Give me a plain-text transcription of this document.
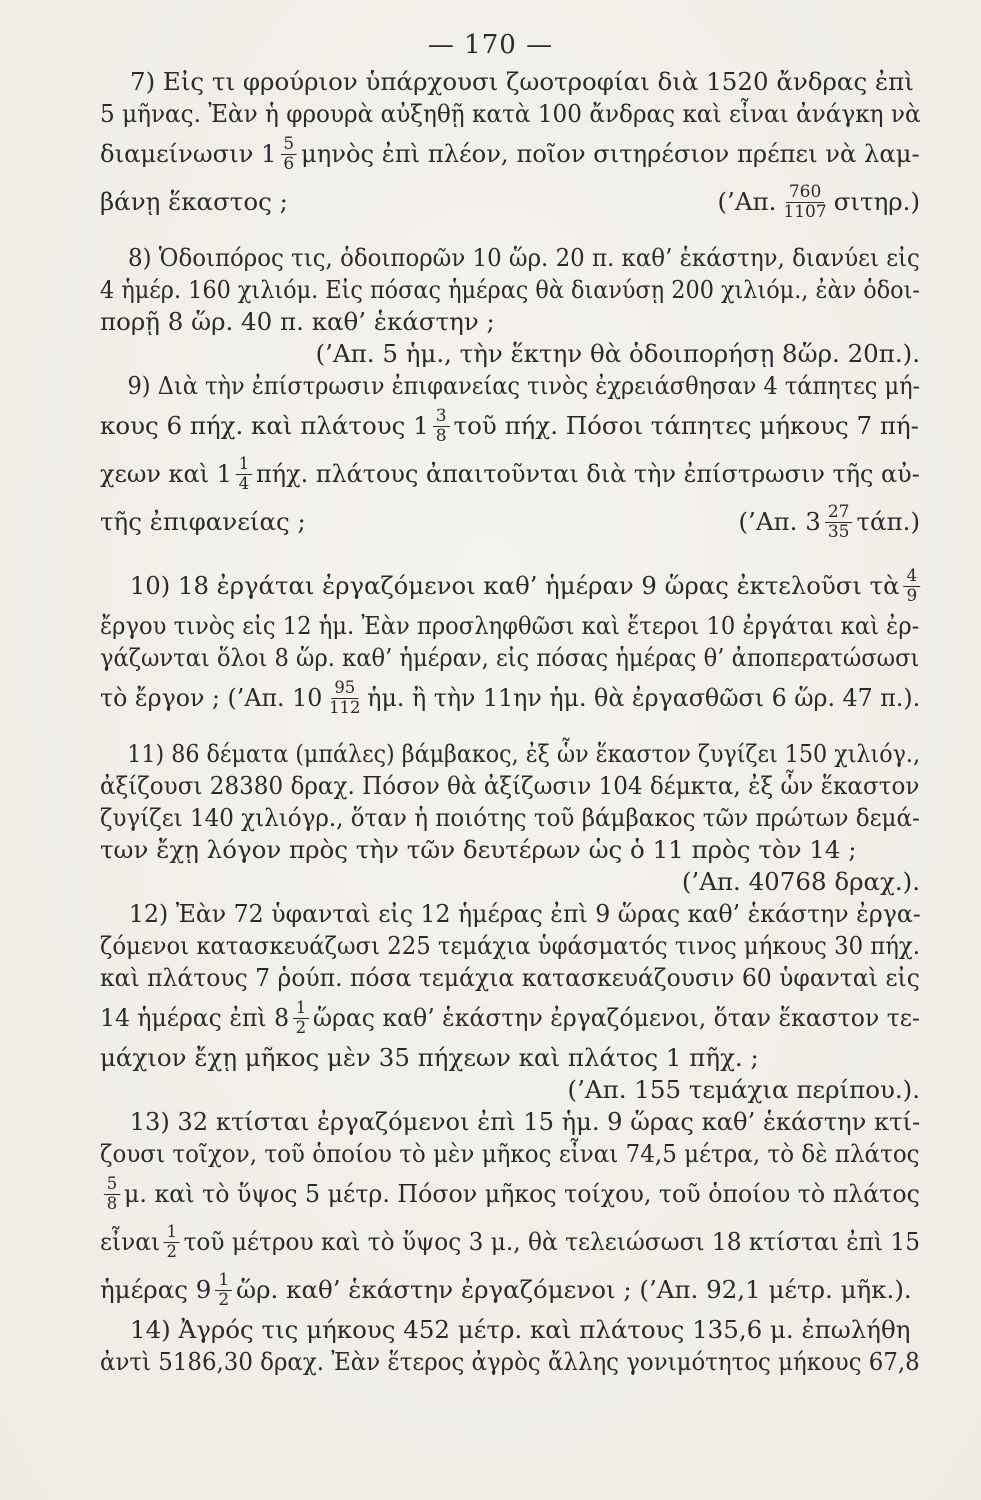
— 170 —
7) Εἰς τι φρούριον ὑπάρχουσι ζωοτροφίαι διὰ 1520 ἄνδρας ἐπὶ
5 μῆνας. Ἐὰν ἡ φρουρὰ αὐξηθῇ κατὰ 100 ἄνδρας καὶ εἶναι ἀνάγκη νὰ
διαμείνωσιν $1 \frac{5}{6}$ μηνὸς ἐπὶ πλέον, ποῖον σιτηρέσιον πρέπει νὰ λαμ-
βάνῃ ἕκαστος ;	(’Απ. $\frac{760}{1107} \sigma\iota\tau\eta\rho$.)
8) Ὁδοιπόρος τις, ὁδοιπορῶν 10 ὥρ. 20 π. καθ’ ἑκάστην, διανύει εἰς
4 ἡμέρ. 160 χιλιόμ. Εἰς πόσας ἡμέρας θὰ διανύσῃ 200 χιλιόμ., ἐὰν ὁδοι-
πορῇ 8 ὥρ. 40 π. καθ’ ἑκάστην ;
(’Απ. 5 ἡμ., τὴν ἕκτην θὰ ὁδοιπορήσῃ 8ὥρ. 20π.).
9) Διὰ τὴν ἐπίστρωσιν ἐπιφανείας τινὸς ἐχρειάσθησαν 4 τάπητες μή-
κους 6 πήχ. καὶ πλάτους $1 \frac{3}{8}$ τοῦ πήχ. Πόσοι τάπητες μήκους 7 πή-
χεων καὶ $1 \frac{1}{4} \pi ή\chi$. πλάτους ἀπαιτοῦνται διὰ τὴν ἐπίστρωσιν τῆς αὐ-
τῆς ἐπιφανείας ;	(’Απ. $3 \frac{27}{35} \tau ά\pi$.)
10) 18 ἐργάται ἐργαζόμενοι καθ’ ἡμέραν 9 ὥρας ἐκτελοῦσι τὰ $\frac{4}{9}$
ἔργου τινὸς εἰς 12 ἡμ. Ἐὰν προσληφθῶσι καὶ ἕτεροι 10 ἐργάται καὶ ἐρ-
γάζωνται ὅλοι 8 ὥρ. καθ’ ἡμέραν, εἰς πόσας ἡμέρας θ’ ἀποπερατώσωσι
τὸ ἔργον ; (’Απ. $10 \frac{95}{112}$ ἡμ. ἢ τὴν 11ην ἡμ. θὰ ἐργασθῶσι 6 ὥρ. 47 π.).
11) 86 δέματα (μπάλες) βάμβακος, ἐξ ὧν ἕκαστον ζυγίζει 150 χιλιόγ.,
ἀξίζουσι 28380 δραχ. Πόσον θὰ ἀξίζωσιν 104 δέμκτα, ἐξ ὧν ἕκαστον
ζυγίζει 140 χιλιόγρ., ὅταν ἡ ποιότης τοῦ βάμβακος τῶν πρώτων δεμά-
των ἔχῃ λόγον πρὸς τὴν τῶν δευτέρων ὡς ὁ 11 πρὸς τὸν 14 ;
(’Απ. 40768 δραχ.).
12) Ἐὰν 72 ὑφανταὶ εἰς 12 ἡμέρας ἐπὶ 9 ὥρας καθ’ ἑκάστην ἐργα-
ζόμενοι κατασκευάζωσι 225 τεμάχια ὑφάσματός τινος μήκους 30 πήχ.
καὶ πλάτους 7 ῥούπ. πόσα τεμάχια κατασκευάζουσιν 60 ὑφανταὶ εἰς
14 ἡμέρας ἐπὶ $8 \frac{1}{2}$ ὥρας καθ’ ἑκάστην ἐργαζόμενοι, ὅταν ἕκαστον τε-
μάχιον ἔχῃ μῆκος μὲν 35 πήχεων καὶ πλάτος 1 πῆχ. ;
(’Απ. 155 τεμάχια περίπου.).
13) 32 κτίσται ἐργαζόμενοι ἐπὶ 15 ἡμ. 9 ὥρας καθ’ ἑκάστην κτί-
ζουσι τοῖχον, τοῦ ὁποίου τὸ μὲν μῆκος εἶναι 74,5 μέτρα, τὸ δὲ πλάτος
$\frac{5}{8} \mu$. καὶ τὸ ὕψος 5 μέτρ. Πόσον μῆκος τοίχου, τοῦ ὁποίου τὸ πλάτος
εἶναι $\frac{1}{2}$ τοῦ μέτρου καὶ τὸ ὕψος 3 μ., θὰ τελειώσωσι 18 κτίσται ἐπὶ 15
ἡμέρας $9 \frac{1}{2}$ ὥρ. καθ’ ἑκάστην ἐργαζόμενοι ; (’Απ. 92,1 μέτρ. μῆκ.).
14) Ἀγρός τις μήκους 452 μέτρ. καὶ πλάτους 135,6 μ. ἐπωλήθη
ἀντὶ 5186,30 δραχ. Ἐὰν ἕτερος ἀγρὸς ἄλλης γονιμότητος μήκους 67,8
